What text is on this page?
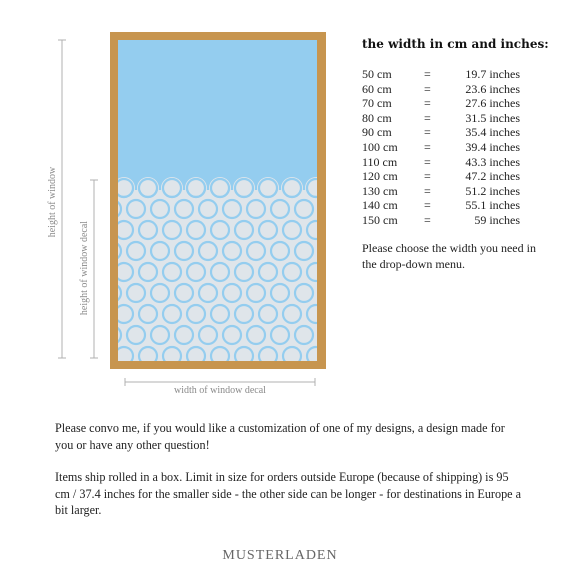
height of window
height of window decal
width of window decal
the width in cm and inches:
50 cm	=	19.7 inches
60 cm	=	23.6 inches
70 cm	=	27.6 inches
80 cm	=	31.5 inches
90 cm	=	35.4 inches
100 cm	=	39.4 inches
110 cm	=	43.3 inches
120 cm	=	47.2 inches
130 cm	=	51.2 inches
140 cm	=	55.1 inches
150 cm	=	59 inches
Please choose the width you need in the drop-down menu.

Please convo me, if you would like a customization of one of my designs, a design made for you or have any other question!

Items ship rolled in a box. Limit in size for orders outside Europe (because of shipping) is 95 cm / 37.4 inches for the smaller side - the other side can be longer - for destinations in Europe a bit larger.

MUSTERLADEN
